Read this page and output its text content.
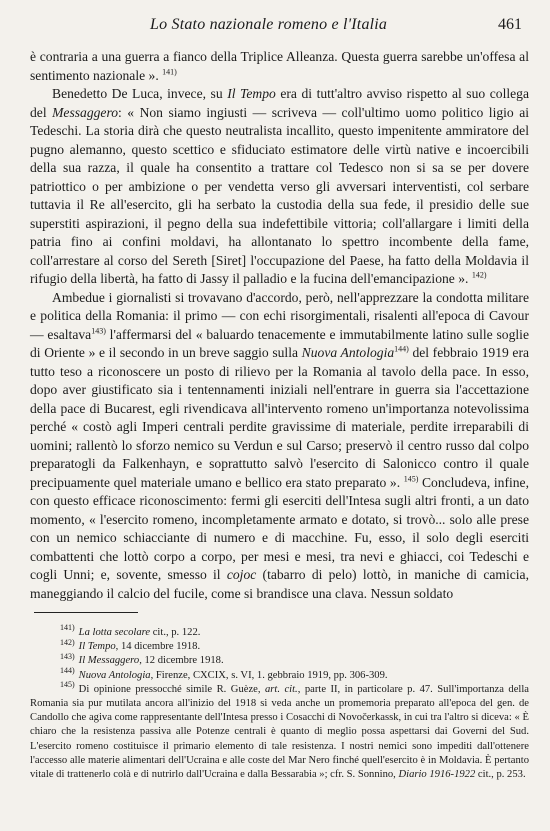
Lo Stato nazionale romeno e l'Italia	461

è contraria a una guerra a fianco della Triplice Alleanza. Questa guerra sarebbe un'offesa al sentimento nazionale ». $^{141)}$

Benedetto De Luca, invece, su Il Tempo era di tutt'altro avviso rispetto al suo collega del Messaggero: « Non siamo ingiusti — scriveva — coll'ultimo uomo politico ligio ai Tedeschi. La storia dirà che questo neutralista incallito, questo impenitente ammiratore del pugno alemanno, questo scettico e sfiduciato estimatore delle virtù native e incoercibili della sua razza, il quale ha consentito a trattare col Tedesco non si sa se per dovere patriottico o per ambizione o per vendetta verso gli avversari interventisti, col serbare tuttavia il Re all'esercito, gli ha serbato la custodia della sua fede, il presidio delle sue superstiti aspirazioni, il pegno della sua indefettibile vittoria; coll'allargare i limiti della patria fino ai confini moldavi, ha allontanato lo spettro incombente della fame, coll'arrestare al corso del Sereth [Siret] l'occupazione del Paese, ha fatto della Moldavia il rifugio della libertà, ha fatto di Jassy il palladio e la fucina dell'emancipazione ». $^{142)}$

Ambedue i giornalisti si trovavano d'accordo, però, nell'apprezzare la condotta militare e politica della Romania: il primo — con echi risorgimentali, risalenti all'epoca di Cavour — esaltava$^{143)}$ l'affermarsi del « baluardo tenacemente e immutabilmente latino sulle soglie di Oriente » e il secondo in un breve saggio sulla Nuova Antologia$^{144)}$ del febbraio 1919 era tutto teso a riconoscere un posto di rilievo per la Romania al tavolo della pace. In esso, dopo aver giustificato sia i tentennamenti iniziali nell'entrare in guerra sia l'accettazione della pace di Bucarest, egli rivendicava all'intervento romeno un'importanza notevolissima perché « costò agli Imperi centrali perdite gravissime di materiale, perdite irreparabili di uomini; rallentò lo sforzo nemico su Verdun e sul Carso; preservò il centro russo dal colpo preparatogli da Falkenhayn, e soprattutto salvò l'esercito di Salonicco contro il quale precipuamente quel materiale umano e bellico era stato preparato ». $^{145)}$ Concludeva, infine, con questo efficace riconoscimento: fermi gli eserciti dell'Intesa sugli altri fronti, a un dato momento, « l'esercito romeno, incompletamente armato e dotato, si trovò... solo alle prese con un nemico schiacciante di numero e di macchine. Fu, esso, il solo degli eserciti combattenti che lottò corpo a corpo, per mesi e mesi, tra nevi e ghiacci, coi Tedeschi e cogli Unni; e, sovente, smesso il cojoc (tabarro di pelo) lottò, in maniche di camicia, maneggiando il calcio del fucile, come si brandisce una clava. Nessun soldato

$^{141)}$ La lotta secolare cit., p. 122.
$^{142)}$ Il Tempo, 14 dicembre 1918.
$^{143)}$ Il Messaggero, 12 dicembre 1918.
$^{144)}$ Nuova Antologia, Firenze, CXCIX, s. VI, 1. gebbraio 1919, pp. 306-309.
$^{145)}$ Di opinione pressocché simile R. Guèze, art. cit., parte II, in particolare p. 47. Sull'importanza della Romania sia pur mutilata ancora all'inizio del 1918 si veda anche un promemoria preparato all'epoca del gen. de Candollo che agiva come rappresentante dell'Intesa presso i Cosacchi di Novočerkassk, in cui tra l'altro si diceva: « È chiaro che la resistenza passiva alle Potenze centrali è quanto di meglio possa aspettarsi dai Governi del Sud. L'esercito romeno costituisce il primario elemento di tale resistenza. I nostri nemici sono impediti dall'ottenere l'accesso alle materie alimentari dell'Ucraina e alle coste del Mar Nero finché quell'esercito è in Moldavia. È pertanto vitale di trattenerlo colà e di nutrirlo dall'Ucraina e dalla Bessarabia »; cfr. S. Sonnino, Diario 1916-1922 cit., p. 253.
